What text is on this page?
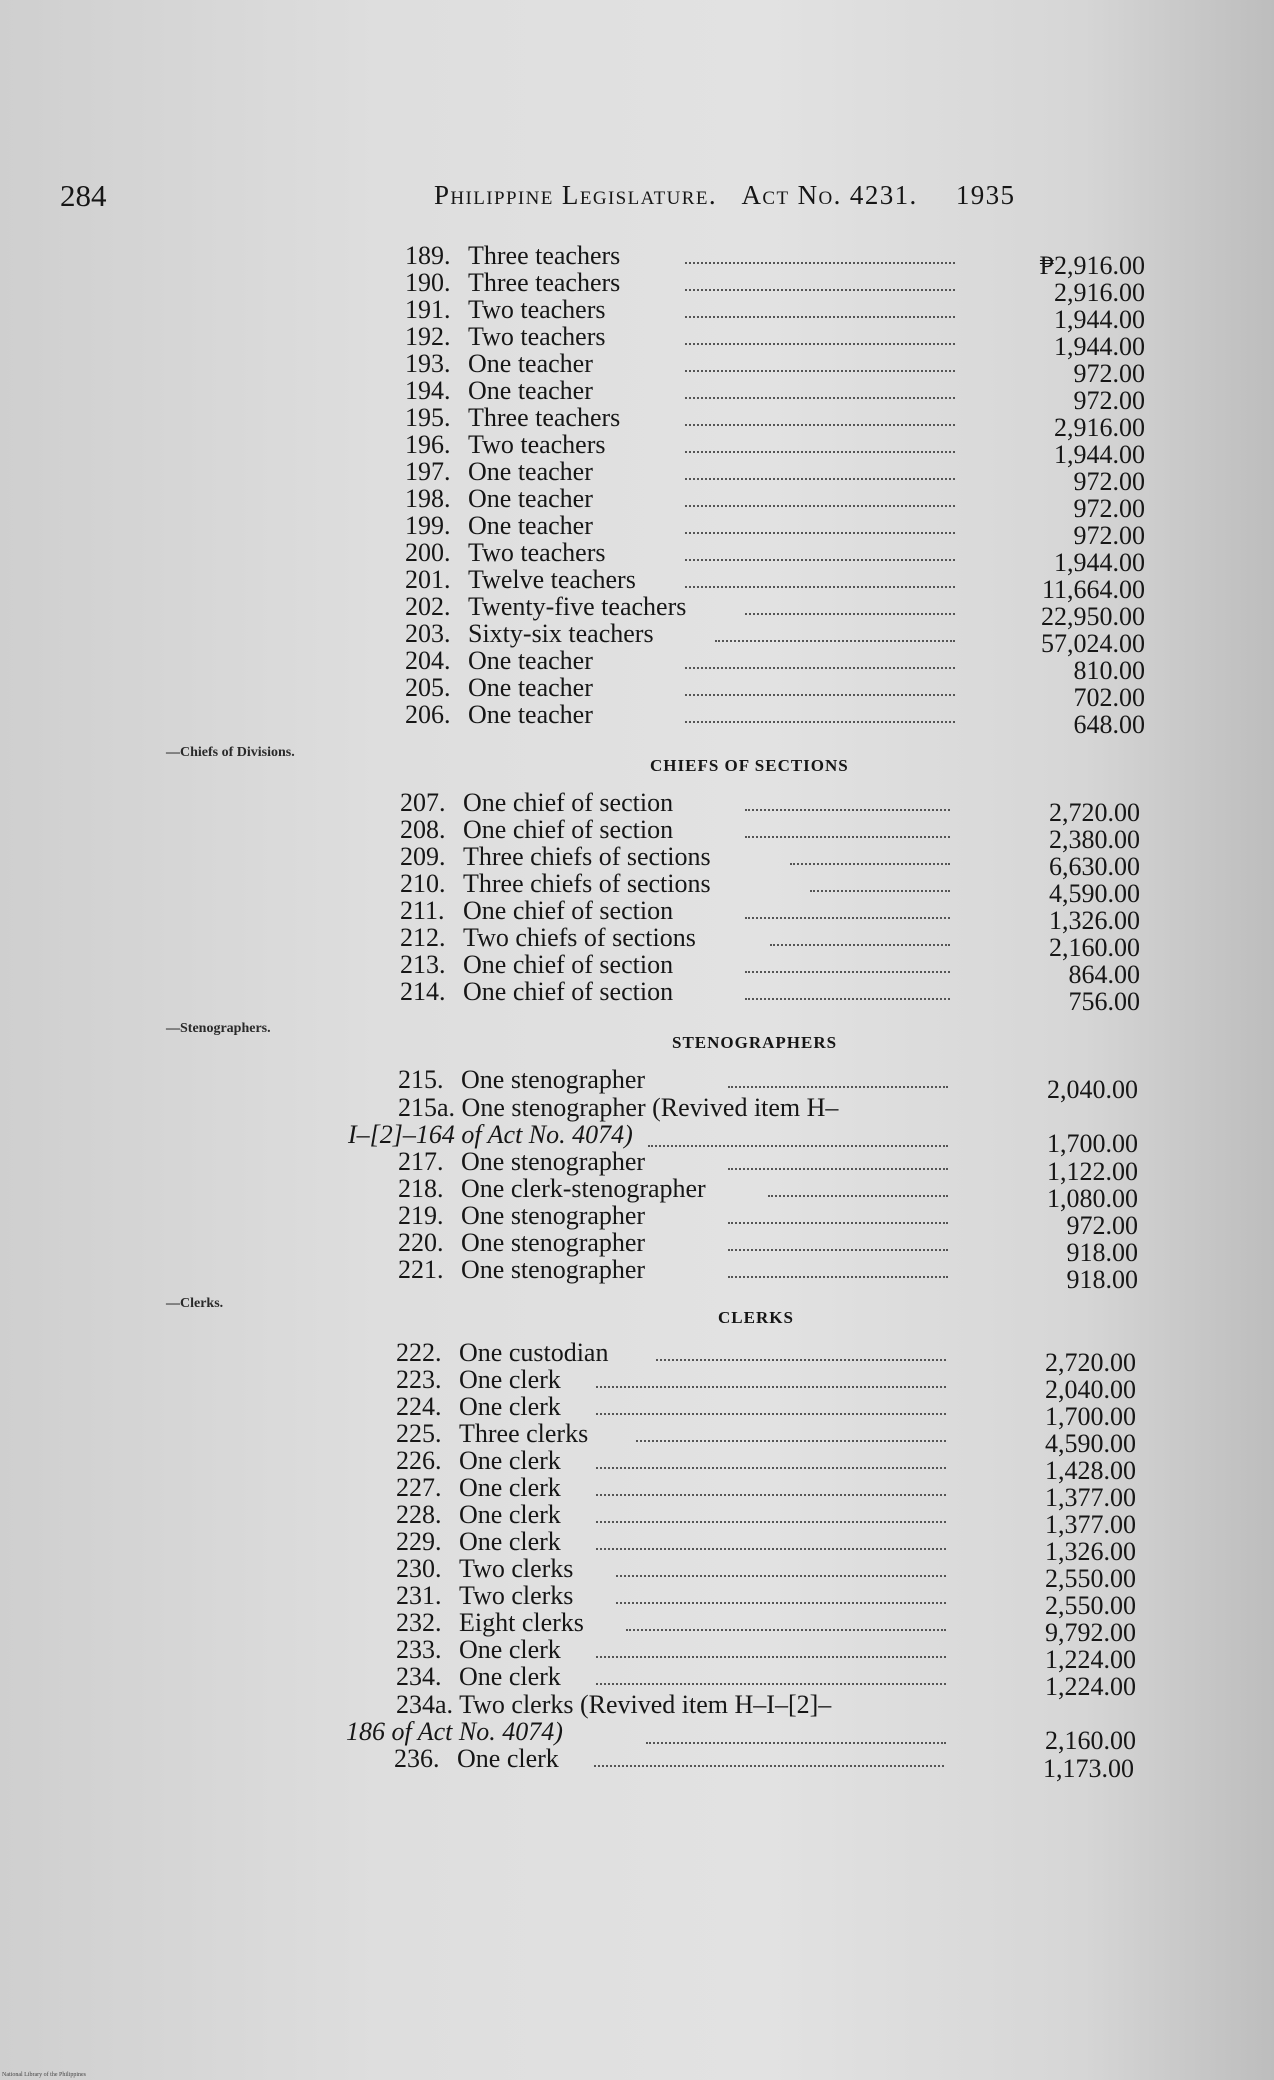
284	Philippine Legislature. Act No. 4231. 1935
189. Three teachers	₱2,916.00
190. Three teachers	2,916.00
191. Two teachers	1,944.00
192. Two teachers	1,944.00
193. One teacher	972.00
194. One teacher	972.00
195. Three teachers	2,916.00
196. Two teachers	1,944.00
197. One teacher	972.00
198. One teacher	972.00
199. One teacher	972.00
200. Two teachers	1,944.00
201. Twelve teachers	11,664.00
202. Twenty-five teachers	22,950.00
203. Sixty-six teachers	57,024.00
204. One teacher	810.00
205. One teacher	702.00
206. One teacher	648.00
—Chiefs of Divisions.
CHIEFS OF SECTIONS
207. One chief of section	2,720.00
208. One chief of section	2,380.00
209. Three chiefs of sections	6,630.00
210. Three chiefs of sections	4,590.00
211. One chief of section	1,326.00
212. Two chiefs of sections	2,160.00
213. One chief of section	864.00
214. One chief of section	756.00
—Stenographers.
STENOGRAPHERS
215. One stenographer	2,040.00
215a. One stenographer (Revived item H–
I–[2]–164 of Act No. 4074)	1,700.00
217. One stenographer	1,122.00
218. One clerk-stenographer	1,080.00
219. One stenographer	972.00
220. One stenographer	918.00
221. One stenographer	918.00
—Clerks.
CLERKS
222. One custodian	2,720.00
223. One clerk	2,040.00
224. One clerk	1,700.00
225. Three clerks	4,590.00
226. One clerk	1,428.00
227. One clerk	1,377.00
228. One clerk	1,377.00
229. One clerk	1,326.00
230. Two clerks	2,550.00
231. Two clerks	2,550.00
232. Eight clerks	9,792.00
233. One clerk	1,224.00
234. One clerk	1,224.00
234a. Two clerks (Revived item H–I–[2]–
186 of Act No. 4074)	2,160.00
236. One clerk	1,173.00
National Library of the Philippines
